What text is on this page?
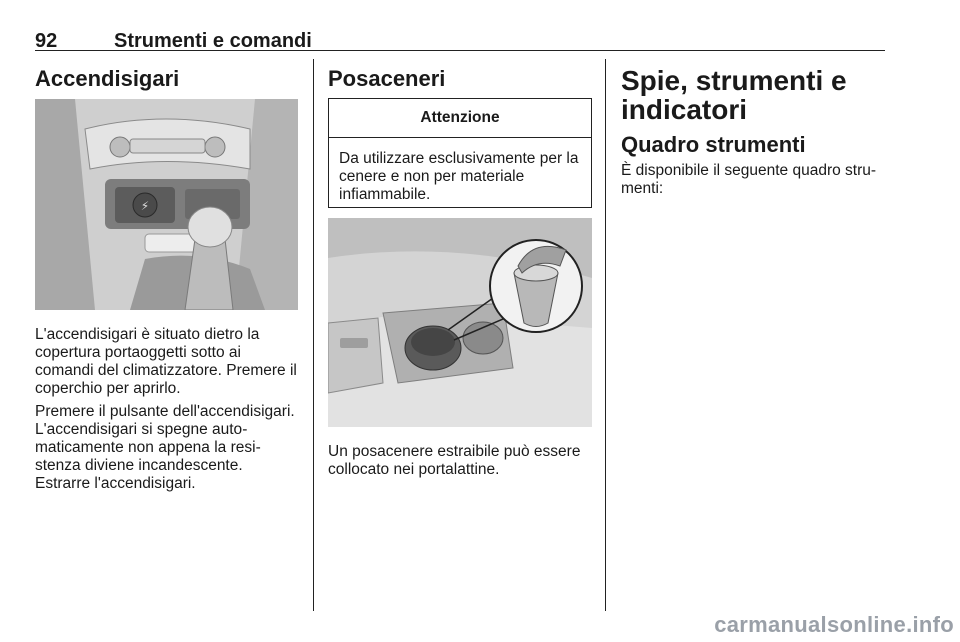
92	Strumenti e comandi
Accendisigari
⚡

L'accendisigari è situato dietro la copertura portaoggetti sotto ai comandi del climatizzatore. Premere il coperchio per aprirlo.

Premere il pulsante dell'accendisigari. L'accendisigari si spegne automaticamente non appena la resistenza diviene incandescente. Estrarre l'accendisigari.

Posaceneri
Attenzione
Da utilizzare esclusivamente per la cenere e non per materiale infiammabile.

Un posacenere estraibile può essere collocato nei portalattine.

Spie, strumenti e indicatori
Quadro strumenti

È disponibile il seguente quadro strumenti:

carmanualsonline.info
